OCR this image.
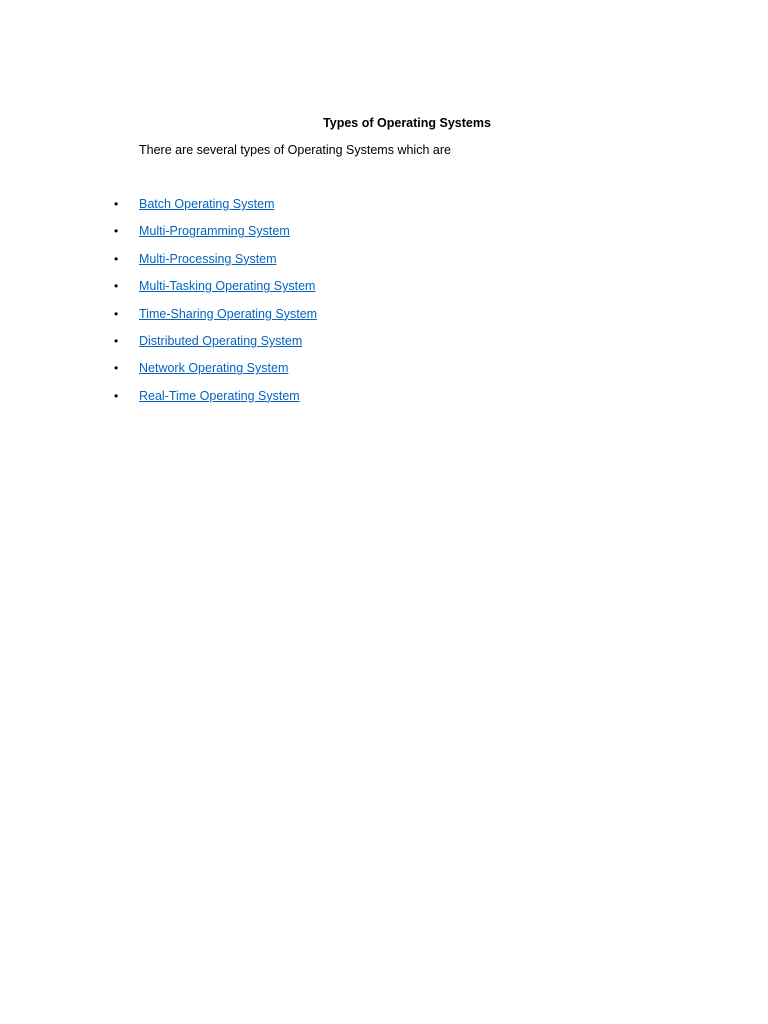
Types of Operating Systems

There are several types of Operating Systems which are

•	Batch Operating System
•	Multi-Programming System
•	Multi-Processing System
•	Multi-Tasking Operating System
•	Time-Sharing Operating System
•	Distributed Operating System
•	Network Operating System
•	Real-Time Operating System
